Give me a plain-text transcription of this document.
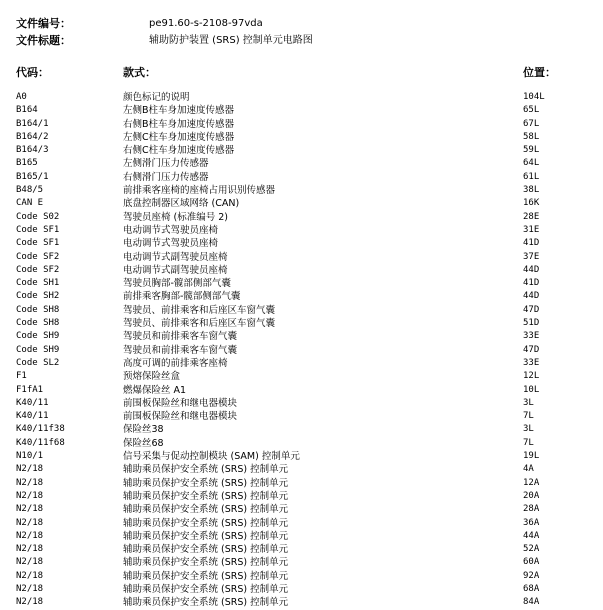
文件编号：	pe91.60-s-2108-97vda
文件标题：	辅助防护装置 (SRS) 控制单元电路图
代码：	款式：	位置：
A0	颜色标记的说明	104L
B164	左侧B柱车身加速度传感器	65L
B164/1	右侧B柱车身加速度传感器	67L
B164/2	左侧C柱车身加速度传感器	58L
B164/3	右侧C柱车身加速度传感器	59L
B165	左侧滑门压力传感器	64L
B165/1	右侧滑门压力传感器	61L
B48/5	前排乘客座椅的座椅占用识别传感器	38L
CAN E	底盘控制器区域网络 (CAN)	16K
Code S02	驾驶员座椅 (标准编号 2)	28E
Code SF1	电动调节式驾驶员座椅	31E
Code SF1	电动调节式驾驶员座椅	41D
Code SF2	电动调节式副驾驶员座椅	37E
Code SF2	电动调节式副驾驶员座椅	44D
Code SH1	驾驶员胸部-髋部侧部气囊	41D
Code SH2	前排乘客胸部-髋部侧部气囊	44D
Code SH8	驾驶员、前排乘客和后座区车窗气囊	47D
Code SH8	驾驶员、前排乘客和后座区车窗气囊	51D
Code SH9	驾驶员和前排乘客车窗气囊	33E
Code SH9	驾驶员和前排乘客车窗气囊	47D
Code SL2	高度可调的前排乘客座椅	33E
F1	预熔保险丝盒	12L
F1fA1	燃爆保险丝 A1	10L
K40/11	前围板保险丝和继电器模块	3L
K40/11	前围板保险丝和继电器模块	7L
K40/11f38	保险丝38	3L
K40/11f68	保险丝68	7L
N10/1	信号采集与促动控制模块 (SAM) 控制单元	19L
N2/18	辅助乘员保护安全系统 (SRS) 控制单元	4A
N2/18	辅助乘员保护安全系统 (SRS) 控制单元	12A
N2/18	辅助乘员保护安全系统 (SRS) 控制单元	20A
N2/18	辅助乘员保护安全系统 (SRS) 控制单元	28A
N2/18	辅助乘员保护安全系统 (SRS) 控制单元	36A
N2/18	辅助乘员保护安全系统 (SRS) 控制单元	44A
N2/18	辅助乘员保护安全系统 (SRS) 控制单元	52A
N2/18	辅助乘员保护安全系统 (SRS) 控制单元	60A
N2/18	辅助乘员保护安全系统 (SRS) 控制单元	92A
N2/18	辅助乘员保护安全系统 (SRS) 控制单元	68A
N2/18	辅助乘员保护安全系统 (SRS) 控制单元	84A
